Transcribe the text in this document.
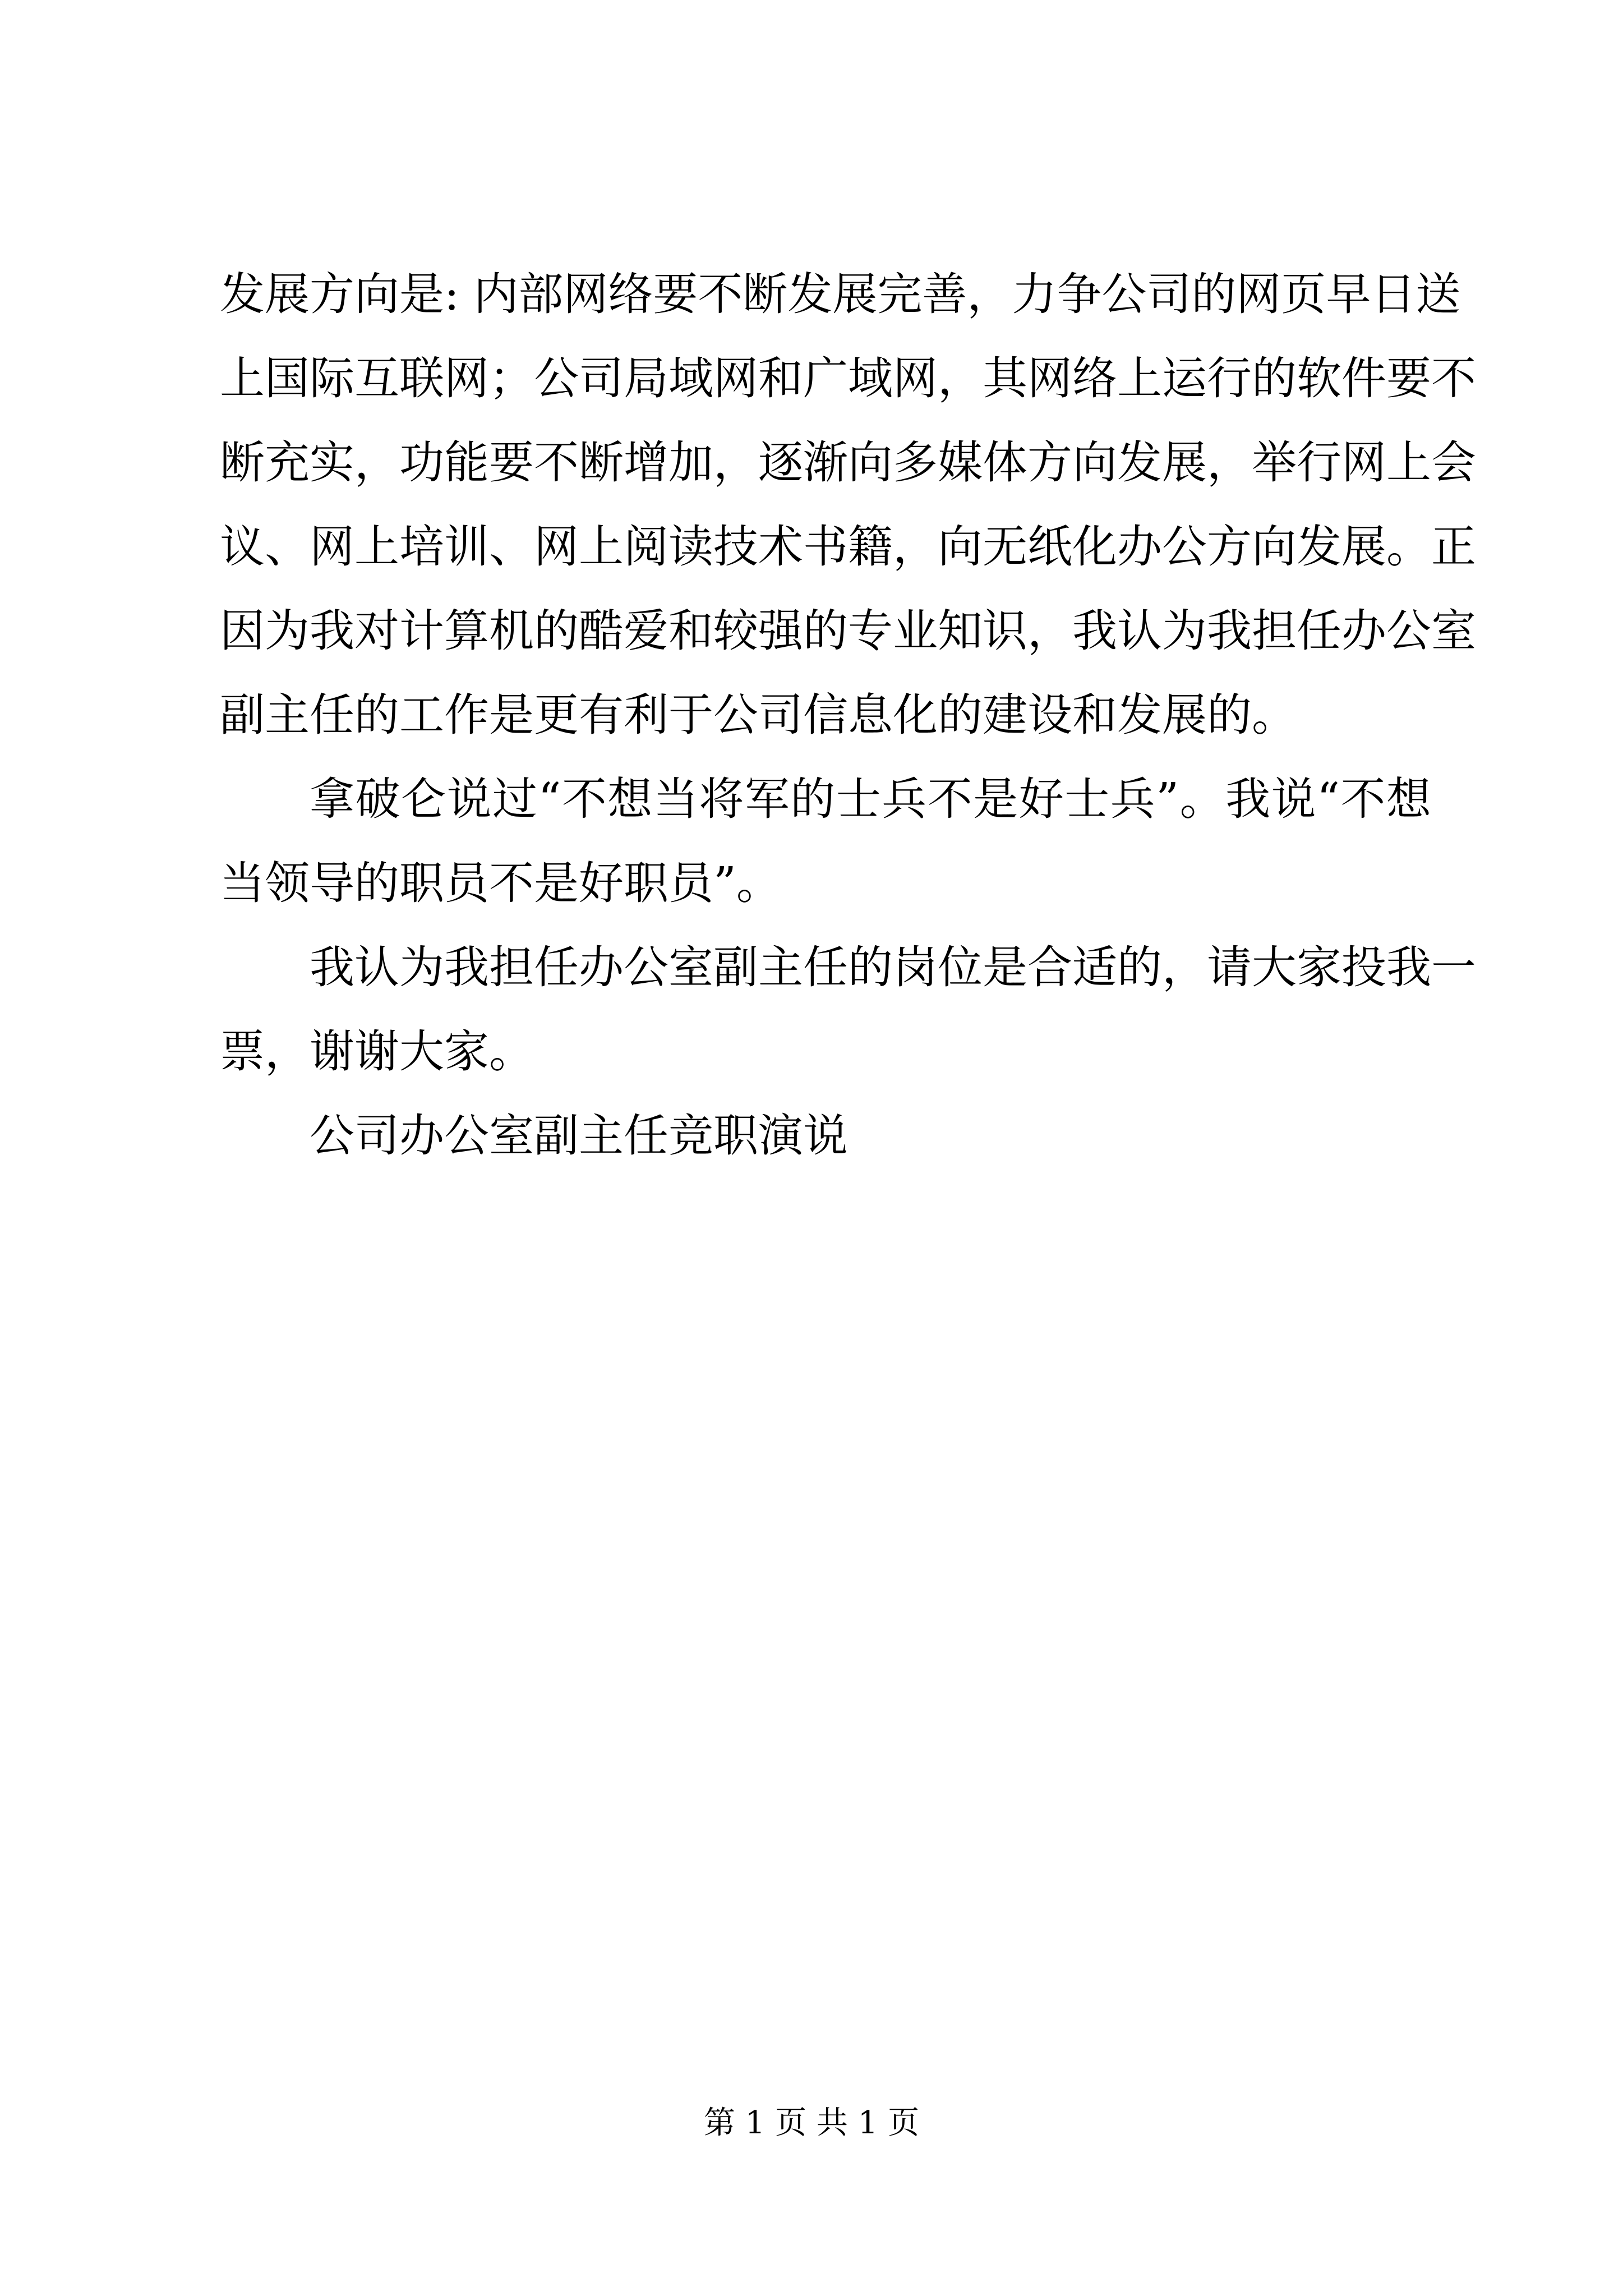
发展方向是: 内部网络要不断发展完善，力争公司的网页早日送
上国际互联网；公司局域网和广域网，其网络上运行的软件要不
断充实，功能要不断增加，逐渐向多媒体方向发展，举行网上会
议、网上培训、网上阅读技术书籍，向无纸化办公方向发展。正
因为我对计算机的酷爱和较强的专业知识，我认为我担任办公室
副主任的工作是更有利于公司信息化的建设和发展的。
拿破仑说过“不想当将军的士兵不是好士兵”。我说“不想
当领导的职员不是好职员”。
我认为我担任办公室副主任的岗位是合适的，请大家投我一
票，谢谢大家。
公司办公室副主任竞职演说
第 1 页 共 1 页
